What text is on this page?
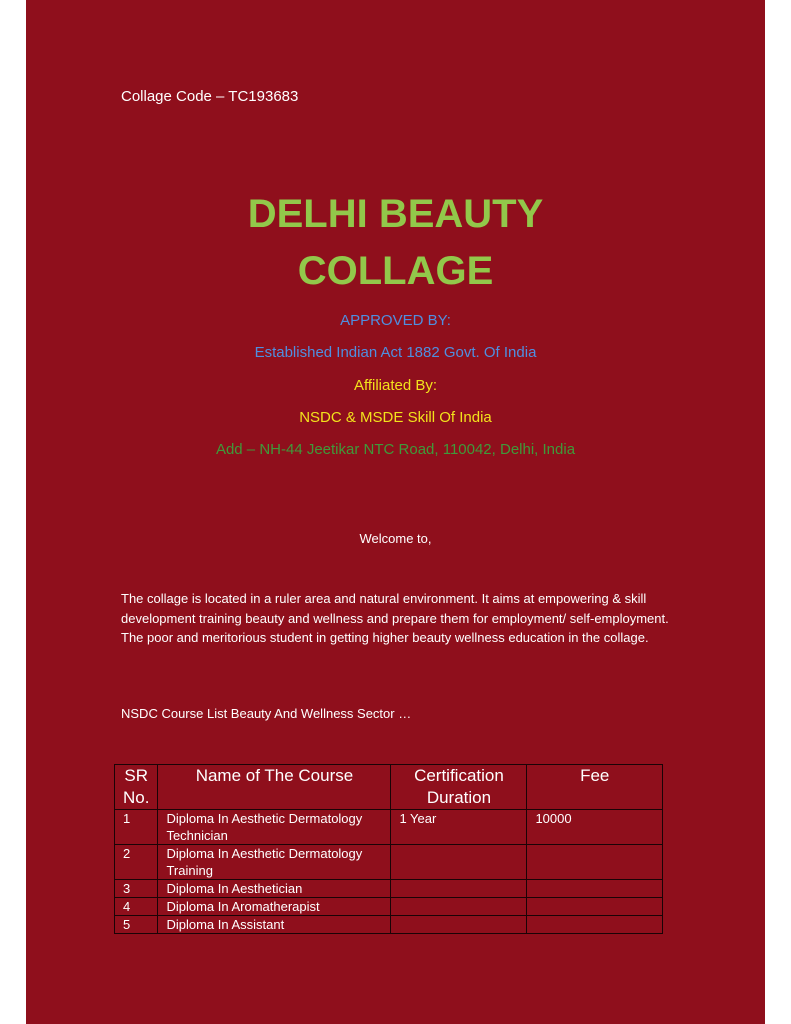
Collage Code – TC193683
DELHI BEAUTY
COLLAGE
APPROVED BY:
Established Indian Act 1882 Govt. Of India
Affiliated By:
NSDC & MSDE Skill Of India
Add – NH-44 Jeetikar NTC Road, 110042, Delhi, India
Welcome to,
The collage is located in a ruler area and natural environment. It aims at empowering & skill development training beauty and wellness and prepare them for employment/ self-employment. The poor and meritorious student in getting higher beauty wellness education in the collage.
NSDC Course List Beauty And Wellness Sector …
SR No.	Name of The Course	Certification Duration	Fee
1	Diploma In Aesthetic Dermatology Technician	1 Year	10000
2	Diploma In Aesthetic Dermatology Training		
3	Diploma In Aesthetician		
4	Diploma In Aromatherapist		
5	Diploma In Assistant		
